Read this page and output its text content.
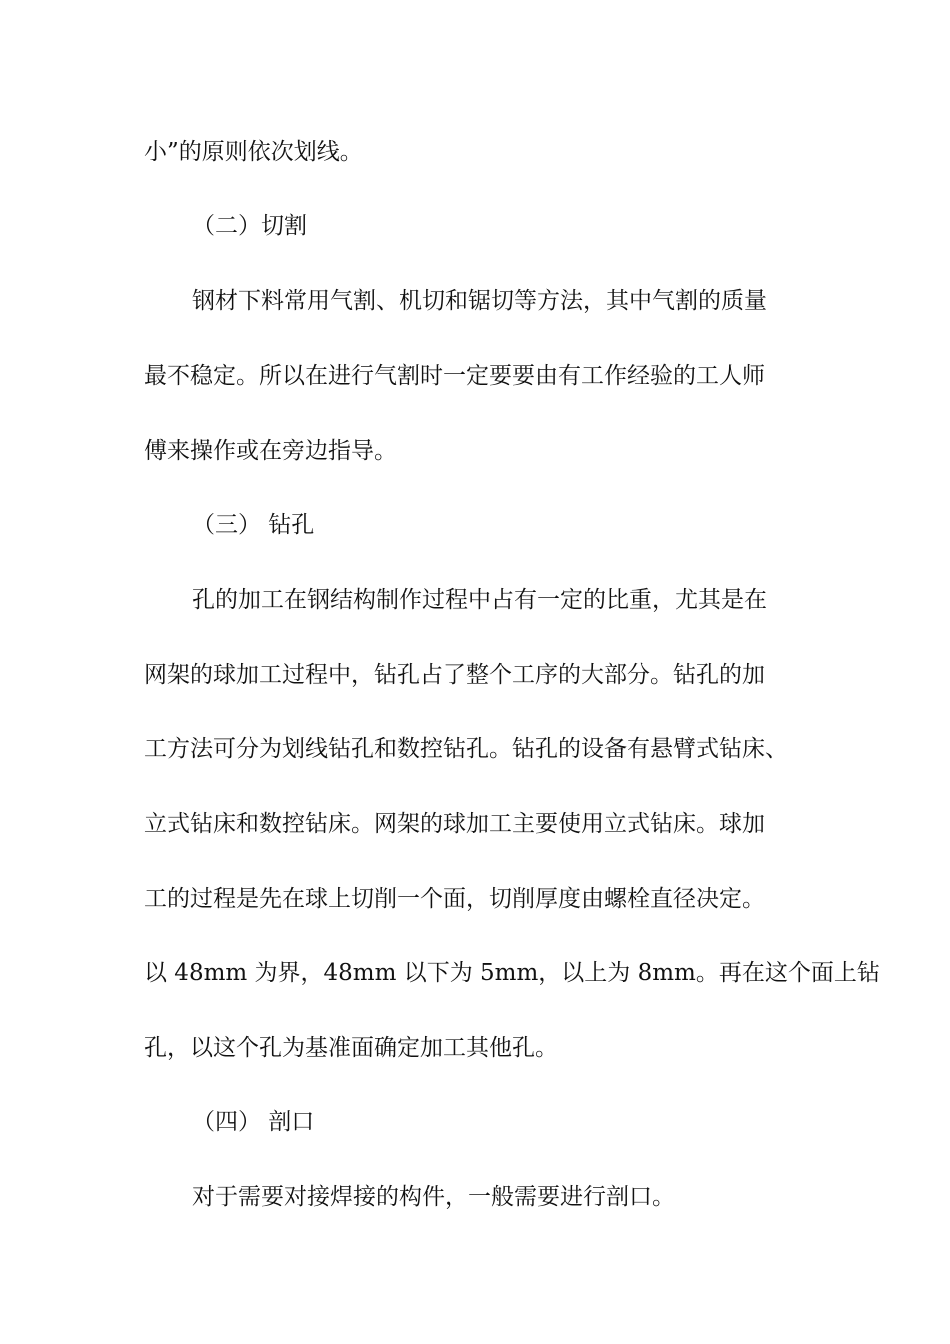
小”的原则依次划线。
（二）切割
钢材下料常用气割、机切和锯切等方法，其中气割的质量
最不稳定。所以在进行气割时一定要要由有工作经验的工人师
傅来操作或在旁边指导。
（三） 钻孔
孔的加工在钢结构制作过程中占有一定的比重，尤其是在
网架的球加工过程中，钻孔占了整个工序的大部分。钻孔的加
工方法可分为划线钻孔和数控钻孔。钻孔的设备有悬臂式钻床、
立式钻床和数控钻床。网架的球加工主要使用立式钻床。球加
工的过程是先在球上切削一个面，切削厚度由螺栓直径决定。
以 48mm 为界，48mm 以下为 5mm，以上为 8mm。再在这个面上钻
孔，以这个孔为基准面确定加工其他孔。
（四） 剖口
对于需要对接焊接的构件，一般需要进行剖口。
